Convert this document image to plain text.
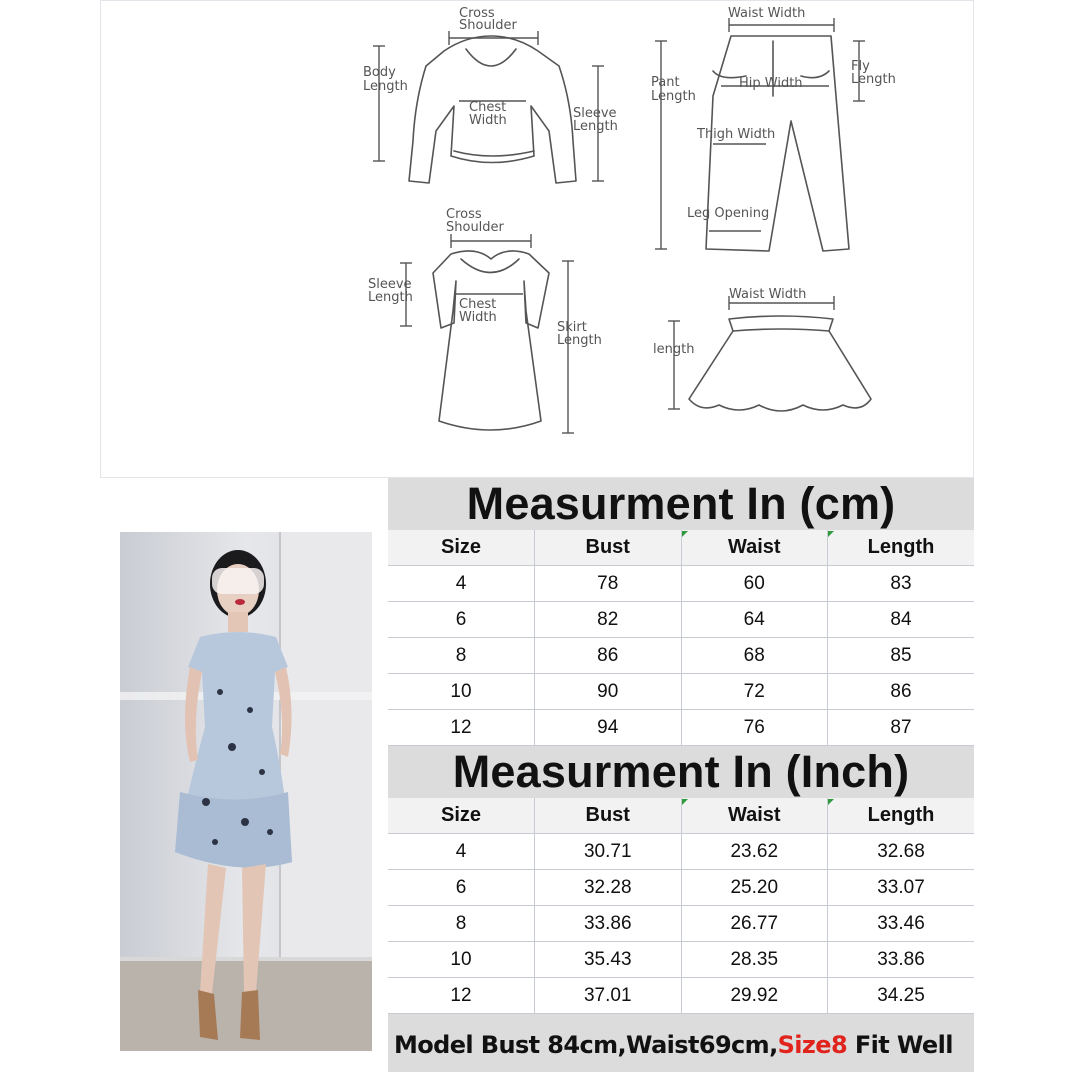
Cross
Shoulder
Body
Length
Chest
Width	Sleeve
Length
Waist Width
Pant
Length
Hip Width
Fly
Length
Thigh Width
Leg Opening
Cross
Shoulder
Sleeve
Length	Chest
Width
Skirt
Length
Waist Width
length
Measurment In (cm)
Size	Bust	Waist	Length
4	78	60	83
6	82	64	84
8	86	68	85
10	90	72	86
12	94	76	87
Measurment In (Inch)
Size	Bust	Waist	Length
4	30.71	23.62	32.68
6	32.28	25.20	33.07
8	33.86	26.77	33.46
10	35.43	28.35	33.86
12	37.01	29.92	34.25
Model Bust 84cm,Waist69cm,Size8 Fit Well
